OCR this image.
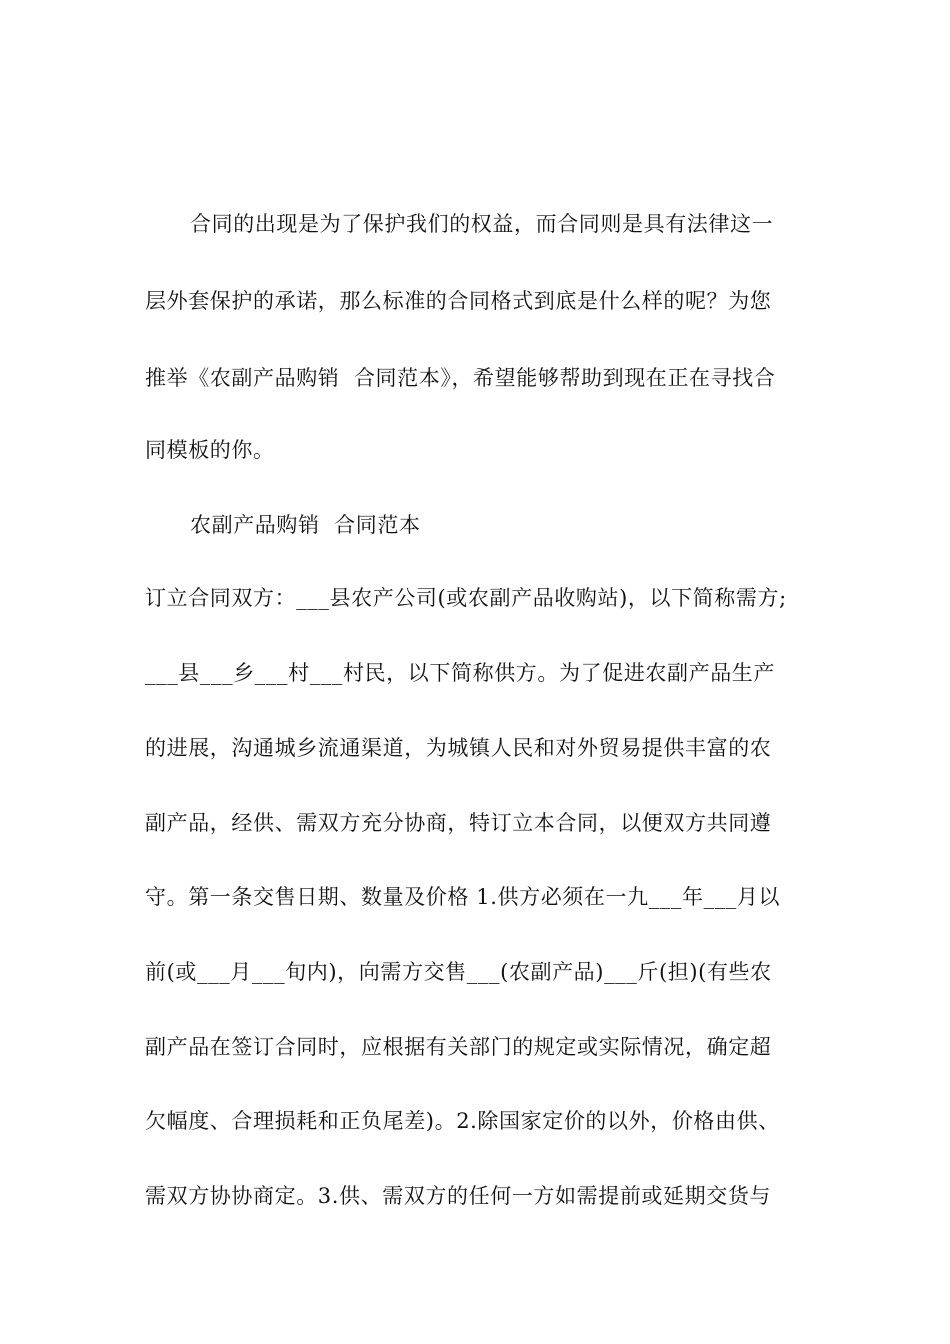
合同的出现是为了保护我们的权益，而合同则是具有法律这一
层外套保护的承诺，那么标准的合同格式到底是什么样的呢？为您
推举《农副产品购销  合同范本》，希望能够帮助到现在正在寻找合
同模板的你。
农副产品购销  合同范本
订立合同双方：___县农产公司(或农副产品收购站)，以下简称需方;
___县___乡___村___村民，以下简称供方。为了促进农副产品生产
的进展，沟通城乡流通渠道，为城镇人民和对外贸易提供丰富的农
副产品，经供、需双方充分协商，特订立本合同，以便双方共同遵
守。第一条交售日期、数量及价格 1.供方必须在一九___年___月以
前(或___月___旬内)，向需方交售___(农副产品)___斤(担)(有些农
副产品在签订合同时，应根据有关部门的规定或实际情况，确定超
欠幅度、合理损耗和正负尾差)。2.除国家定价的以外，价格由供、
需双方协协商定。3.供、需双方的任何一方如需提前或延期交货与
